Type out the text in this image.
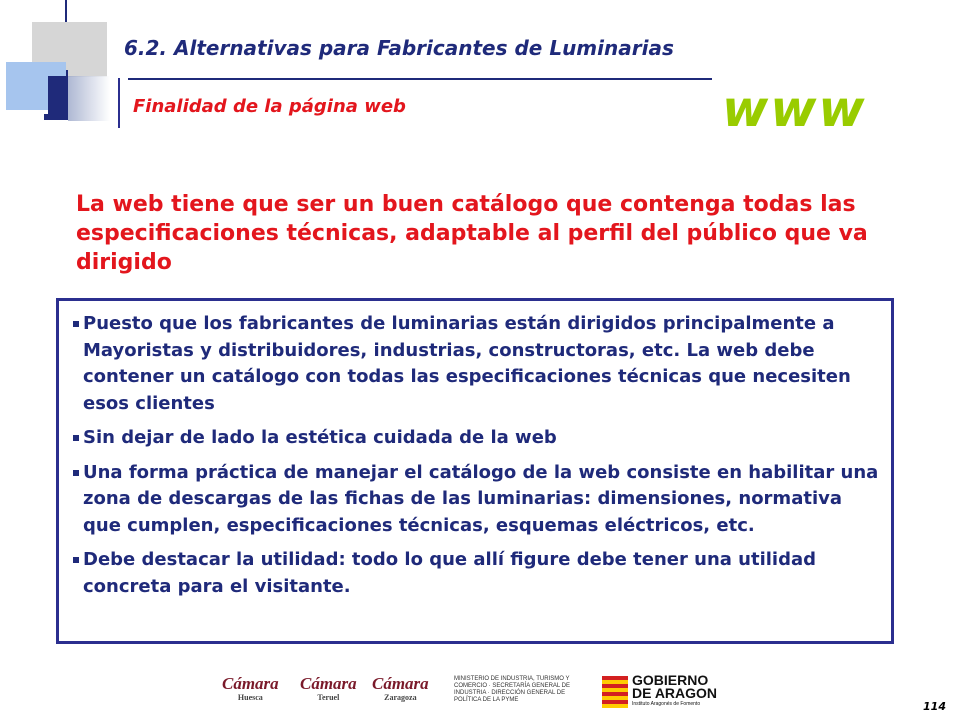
6.2. Alternativas para Fabricantes de Luminarias
Finalidad de la página web	www
La web tiene que ser un buen catálogo que contenga todas las especificaciones técnicas, adaptable al perfil del público que va dirigido
Puesto que los fabricantes de luminarias están dirigidos principalmente a Mayoristas y distribuidores, industrias, constructoras, etc. La web debe contener un catálogo con todas las especificaciones técnicas que necesiten esos clientes
Sin dejar de lado la estética cuidada de la web
Una forma práctica de manejar el catálogo de la web consiste en habilitar una zona de descargas de las fichas de las luminarias: dimensiones, normativa que cumplen, especificaciones técnicas, esquemas eléctricos, etc.
Debe destacar la utilidad: todo lo que allí figure debe tener una utilidad concreta para el visitante.
Cámara
Huesca
Cámara
Teruel
Cámara
Zaragoza
MINISTERIO DE INDUSTRIA, TURISMO Y COMERCIO · SECRETARÍA GENERAL DE INDUSTRIA · DIRECCIÓN GENERAL DE POLÍTICA DE LA PYME
GOBIERNO
DE ARAGON
Instituto Aragonés de Fomento	114
